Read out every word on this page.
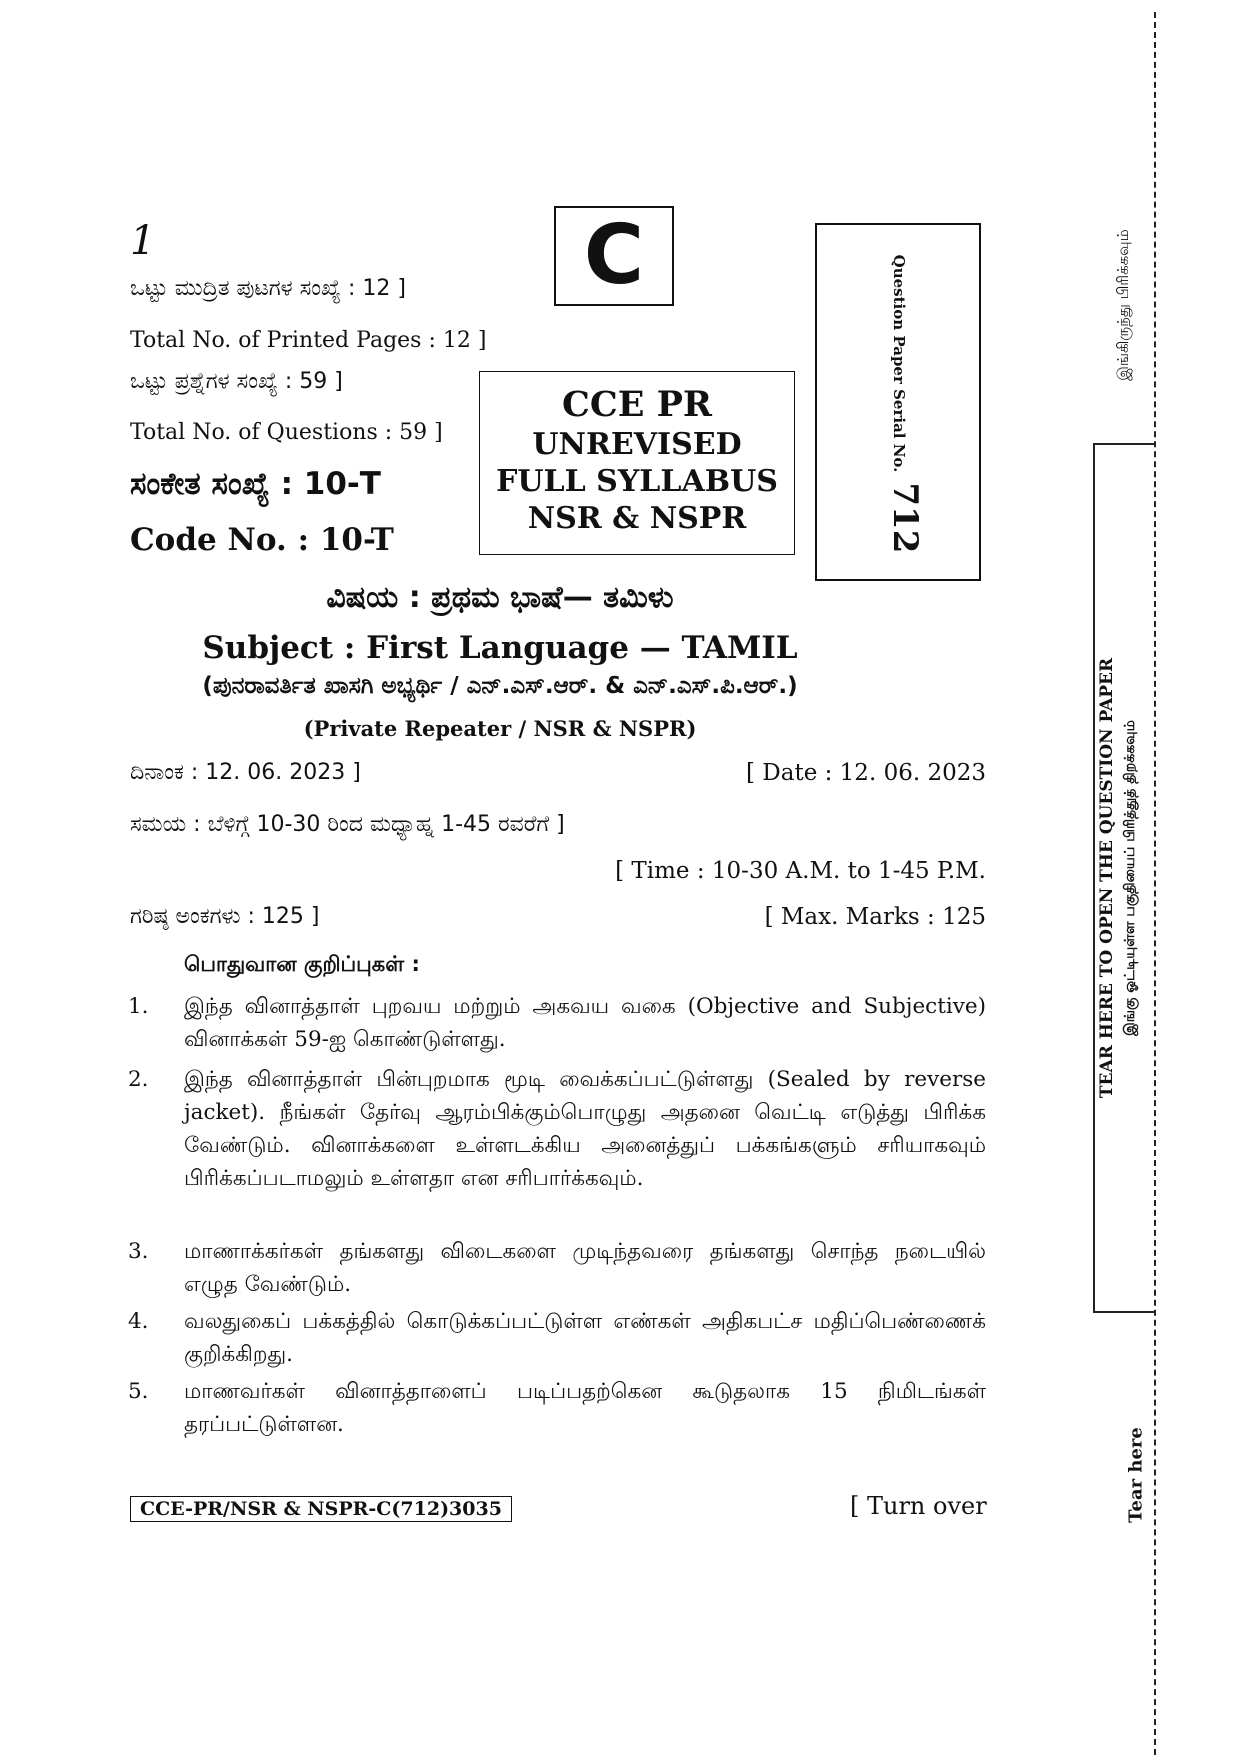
1
ಒಟ್ಟು ಮುದ್ರಿತ ಪುಟಗಳ ಸಂಖ್ಯೆ : 12 ]
Total No. of Printed Pages : 12 ]
ಒಟ್ಟು ಪ್ರಶ್ನೆಗಳ ಸಂಖ್ಯೆ : 59 ]
Total No. of Questions : 59 ]
ಸಂಕೇತ ಸಂಖ್ಯೆ : 10-T
Code No. : 10-T
C
CCE PR
UNREVISED
FULL SYLLABUS
NSR & NSPR
Question Paper Serial No.
712
ವಿಷಯ : ಪ್ರಥಮ ಭಾಷೆ— ತಮಿಳು
Subject : First Language — TAMIL
(ಪುನರಾವರ್ತಿತ ಖಾಸಗಿ ಅಭ್ಯರ್ಥಿ / ಎನ್.ಎಸ್.ಆರ್. & ಎನ್.ಎಸ್.ಪಿ.ಆರ್.)
(Private Repeater / NSR & NSPR)
ದಿನಾಂಕ : 12. 06. 2023 ]	[ Date : 12. 06. 2023
ಸಮಯ : ಬೆಳಿಗ್ಗೆ 10-30 ರಿಂದ ಮಧ್ಯಾಹ್ನ 1-45 ರವರೆಗೆ ]
[ Time : 10-30 A.M. to 1-45 P.M.
ಗರಿಷ್ಠ ಅಂಕಗಳು : 125 ]	[ Max. Marks : 125
பொதுவான குறிப்புகள் :
1. இந்த வினாத்தாள் புறவய மற்றும் அகவய வகை (Objective and Subjective) வினாக்கள் 59-ஐ கொண்டுள்ளது.
2. இந்த வினாத்தாள் பின்புறமாக மூடி வைக்கப்பட்டுள்ளது (Sealed by reverse jacket). நீங்கள் தேர்வு ஆரம்பிக்கும்பொழுது அதனை வெட்டி எடுத்து பிரிக்க வேண்டும். வினாக்களை உள்ளடக்கிய அனைத்துப் பக்கங்களும் சரியாகவும் பிரிக்கப்படாமலும் உள்ளதா என சரிபார்க்கவும்.
3. மாணாக்கர்கள் தங்களது விடைகளை முடிந்தவரை தங்களது சொந்த நடையில் எழுத வேண்டும்.
4. வலதுகைப் பக்கத்தில் கொடுக்கப்பட்டுள்ள எண்கள் அதிகபட்ச மதிப்பெண்ணைக் குறிக்கிறது.
5. மாணவர்கள் வினாத்தாளைப் படிப்பதற்கென கூடுதலாக 15 நிமிடங்கள் தரப்பட்டுள்ளன.
CCE-PR/NSR & NSPR-C(712)3035	[ Turn over
இங்கிருந்து பிரிக்கவும்
TEAR HERE TO OPEN THE QUESTION PAPER இங்கு ஓட்டியுள்ள பகுதியைப் பிரித்துத் திறக்கவும்
Tear here
